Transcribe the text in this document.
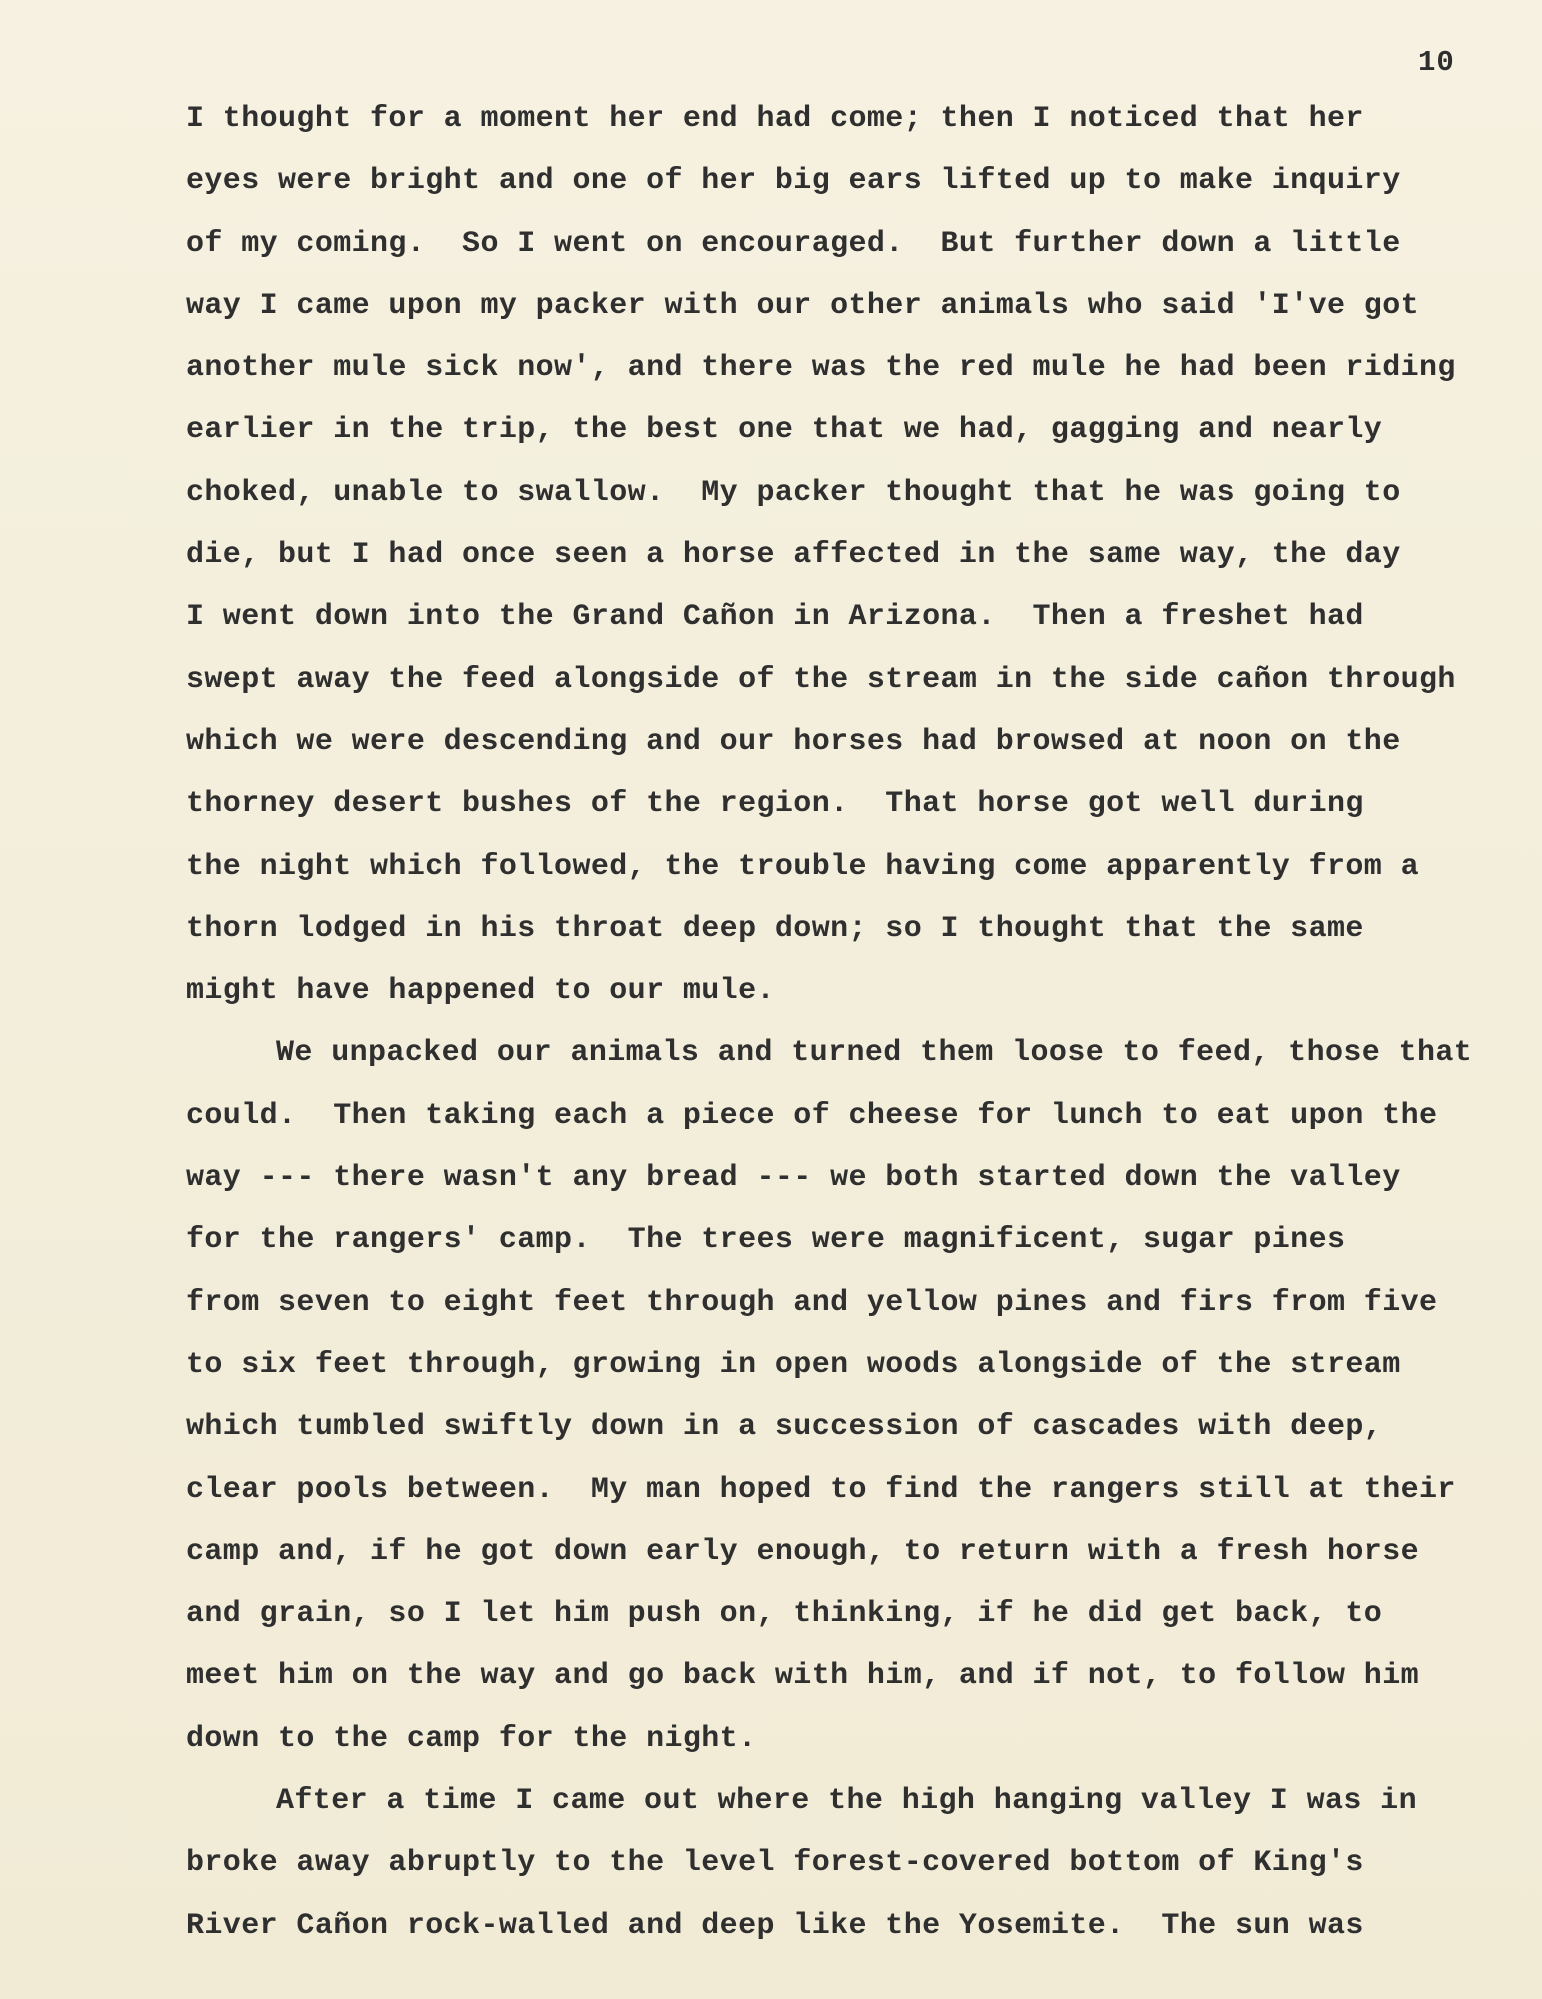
10
I thought for a moment her end had come; then I noticed that her
eyes were bright and one of her big ears lifted up to make inquiry
of my coming.  So I went on encouraged.  But further down a little
way I came upon my packer with our other animals who said 'I've got
another mule sick now', and there was the red mule he had been riding
earlier in the trip, the best one that we had, gagging and nearly
choked, unable to swallow.  My packer thought that he was going to
die, but I had once seen a horse affected in the same way, the day
I went down into the Grand Cañon in Arizona.  Then a freshet had
swept away the feed alongside of the stream in the side cañon through
which we were descending and our horses had browsed at noon on the
thorney desert bushes of the region.  That horse got well during
the night which followed, the trouble having come apparently from a
thorn lodged in his throat deep down; so I thought that the same
might have happened to our mule.
We unpacked our animals and turned them loose to feed, those that
could.  Then taking each a piece of cheese for lunch to eat upon the
way --- there wasn't any bread --- we both started down the valley
for the rangers' camp.  The trees were magnificent, sugar pines
from seven to eight feet through and yellow pines and firs from five
to six feet through, growing in open woods alongside of the stream
which tumbled swiftly down in a succession of cascades with deep,
clear pools between.  My man hoped to find the rangers still at their
camp and, if he got down early enough, to return with a fresh horse
and grain, so I let him push on, thinking, if he did get back, to
meet him on the way and go back with him, and if not, to follow him
down to the camp for the night.
After a time I came out where the high hanging valley I was in
broke away abruptly to the level forest-covered bottom of King's
River Cañon rock-walled and deep like the Yosemite.  The sun was
